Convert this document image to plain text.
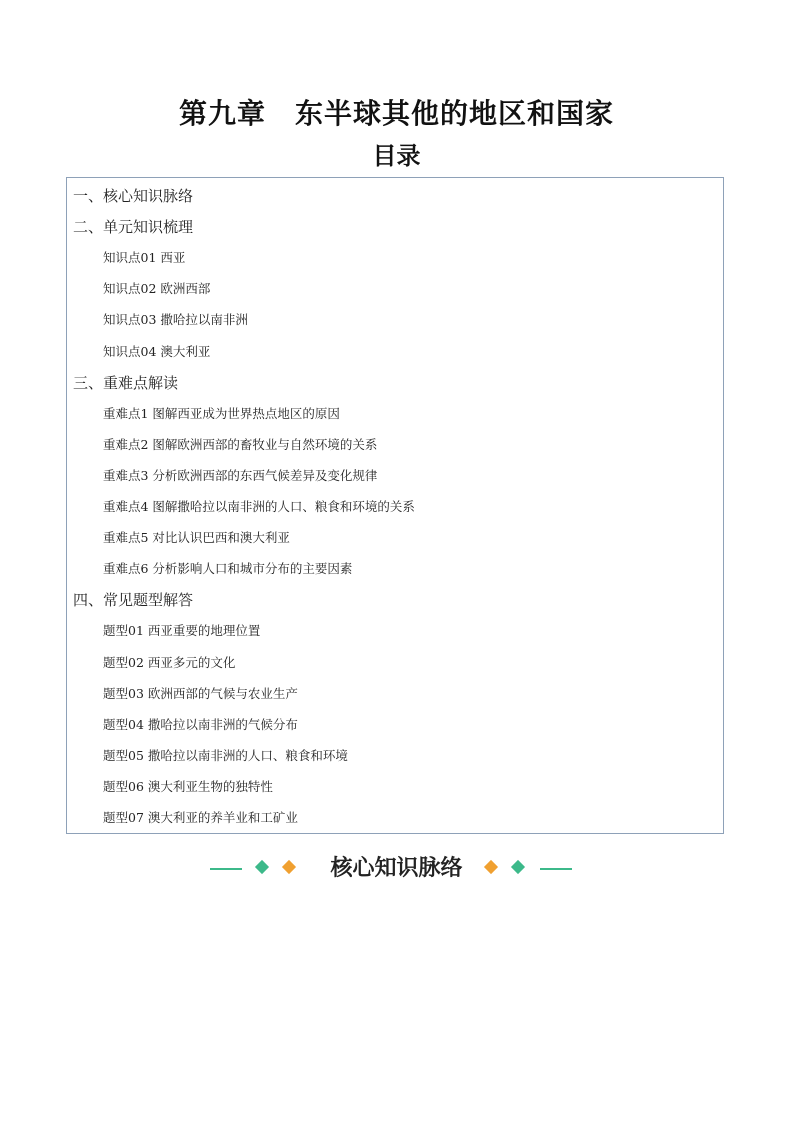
第九章　东半球其他的地区和国家
目录
一、核心知识脉络
二、单元知识梳理
知识点01 西亚
知识点02 欧洲西部
知识点03 撒哈拉以南非洲
知识点04 澳大利亚
三、重难点解读
重难点1 图解西亚成为世界热点地区的原因
重难点2 图解欧洲西部的畜牧业与自然环境的关系
重难点3 分析欧洲西部的东西气候差异及变化规律
重难点4 图解撒哈拉以南非洲的人口、粮食和环境的关系
重难点5 对比认识巴西和澳大利亚
重难点6 分析影响人口和城市分布的主要因素
四、常见题型解答
题型01 西亚重要的地理位置
题型02 西亚多元的文化
题型03 欧洲西部的气候与农业生产
题型04 撒哈拉以南非洲的气候分布
题型05 撒哈拉以南非洲的人口、粮食和环境
题型06 澳大利亚生物的独特性
题型07 澳大利亚的养羊业和工矿业
核心知识脉络
